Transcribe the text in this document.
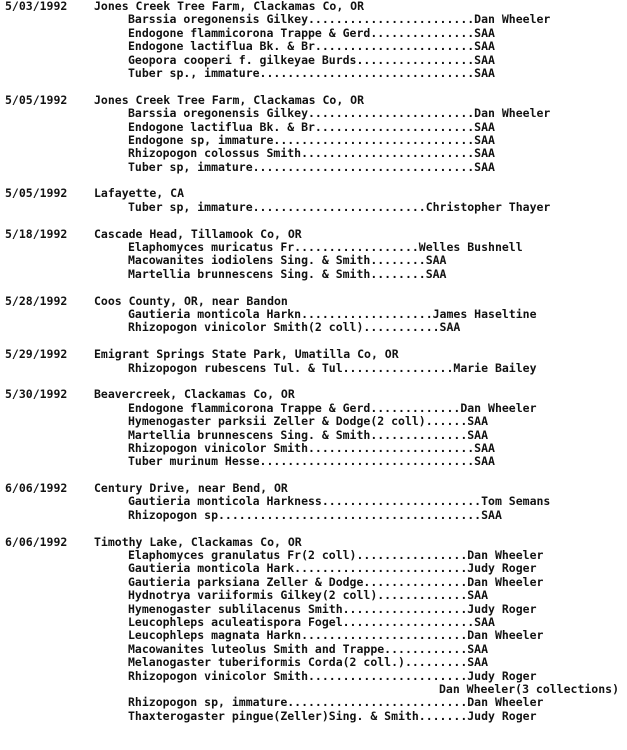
5/03/1992 Jones Creek Tree Farm, Clackamas Co, OR
Barssia oregonensis Gilkey........................Dan Wheeler
Endogone flammicorona Trappe & Gerd...............SAA
Endogone lactiflua Bk. & Br.......................SAA
Geopora cooperi f. gilkeyae Burds.................SAA
Tuber sp., immature...............................SAA
5/05/1992 Jones Creek Tree Farm, Clackamas Co, OR
Barssia oregonensis Gilkey........................Dan Wheeler
Endogone lactiflua Bk. & Br.......................SAA
Endogone sp, immature.............................SAA
Rhizopogon colossus Smith.........................SAA
Tuber sp, immature................................SAA
5/05/1992 Lafayette, CA
Tuber sp, immature.........................Christopher Thayer
5/18/1992 Cascade Head, Tillamook Co, OR
Elaphomyces muricatus Fr..................Welles Bushnell
Macowanites iodiolens Sing. & Smith........SAA
Martellia brunnescens Sing. & Smith........SAA
5/28/1992 Coos County, OR, near Bandon
Gautieria monticola Harkn...................James Haseltine
Rhizopogon vinicolor Smith(2 coll)...........SAA
5/29/1992 Emigrant Springs State Park, Umatilla Co, OR
Rhizopogon rubescens Tul. & Tul................Marie Bailey
5/30/1992 Beavercreek, Clackamas Co, OR
Endogone flammicorona Trappe & Gerd.............Dan Wheeler
Hymenogaster parksii Zeller & Dodge(2 coll)......SAA
Martellia brunnescens Sing. & Smith..............SAA
Rhizopogon vinicolor Smith........................SAA
Tuber murinum Hesse...............................SAA
6/06/1992 Century Drive, near Bend, OR
Gautieria monticola Harkness.......................Tom Semans
Rhizopogon sp......................................SAA
6/06/1992 Timothy Lake, Clackamas Co, OR
Elaphomyces granulatus Fr(2 coll)................Dan Wheeler
Gautieria monticola Hark.........................Judy Roger
Gautieria parksiana Zeller & Dodge...............Dan Wheeler
Hydnotrya variiformis Gilkey(2 coll).............SAA
Hymenogaster sublilacenus Smith..................Judy Roger
Leucophleps aculeatispora Fogel...................SAA
Leucophleps magnata Harkn........................Dan Wheeler
Macowanites luteolus Smith and Trappe............SAA
Melanogaster tuberiformis Corda(2 coll.).........SAA
Rhizopogon vinicolor Smith.......................Judy Roger
Dan Wheeler(3 collections)
Rhizopogon sp, immature..........................Dan Wheeler
Thaxterogaster pingue(Zeller)Sing. & Smith.......Judy Roger
